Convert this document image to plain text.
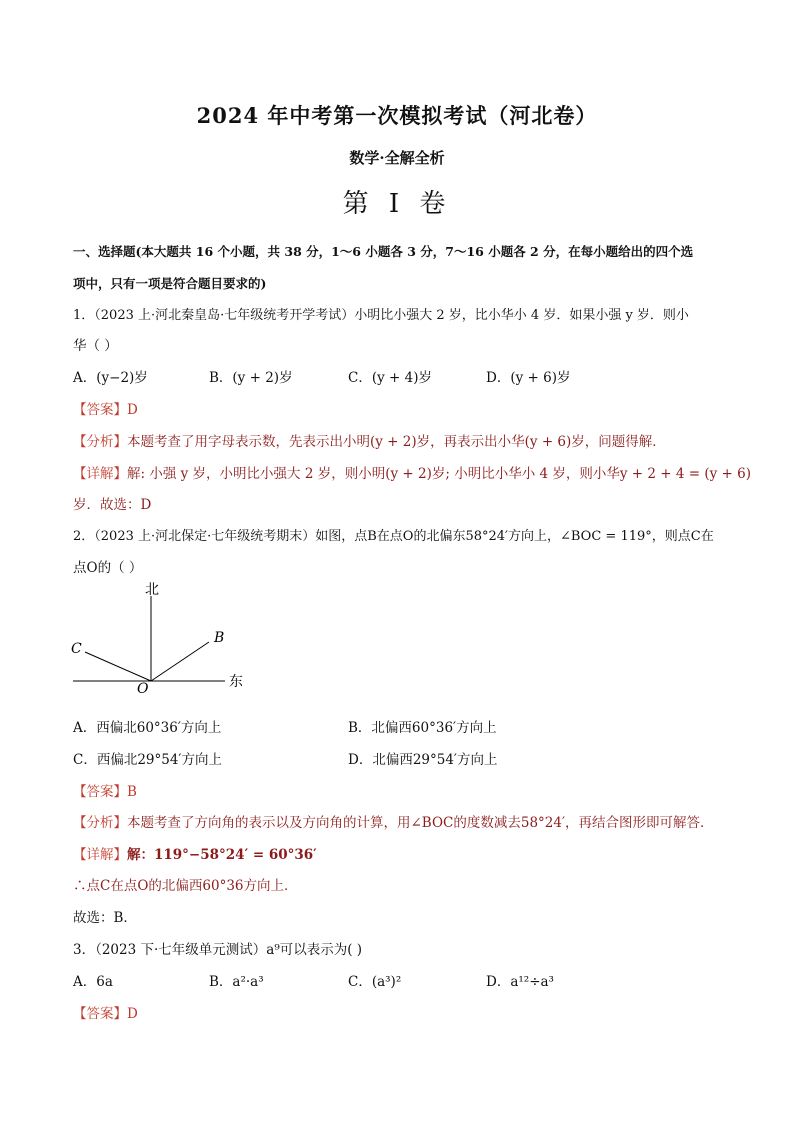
2024 年中考第一次模拟考试（河北卷）
数学·全解全析
第 I 卷
一、选择题(本大题共 16 个小题，共 38 分，1～6 小题各 3 分，7～16 小题各 2 分，在每小题给出的四个选
项中，只有一项是符合题目要求的)
1．（2023 上·河北秦皇岛·七年级统考开学考试）小明比小强大 2 岁，比小华小 4 岁．如果小强 y 岁．则小
华（ ）
A．(y−2)岁	B．(y + 2)岁	C．(y + 4)岁	D．(y + 6)岁
【答案】D
【分析】本题考查了用字母表示数，先表示出小明(y + 2)岁，再表示出小华(y + 6)岁，问题得解．
【详解】解: 小强 y 岁，小明比小强大 2 岁，则小明(y + 2)岁; 小明比小华小 4 岁，则小华y + 2 + 4 = (y + 6)
岁．故选：D
2．（2023 上·河北保定·七年级统考期末）如图，点B在点O的北偏东58°24′方向上，∠BOC = 119°，则点C在
点O的（ ）
北
东
O
B
C
A．西偏北60°36′方向上	B．北偏西60°36′方向上
C．西偏北29°54′方向上	D．北偏西29°54′方向上
【答案】B
【分析】本题考查了方向角的表示以及方向角的计算，用∠BOC的度数减去58°24′，再结合图形即可解答．
【详解】解：119°−58°24′ = 60°36′
∴点C在点O的北偏西60°36方向上．
故选：B．
3．（2023 下·七年级单元测试）a⁹可以表示为( )
A．6a	B．a²·a³	C．(a³)²	D．a¹²÷a³
【答案】D
